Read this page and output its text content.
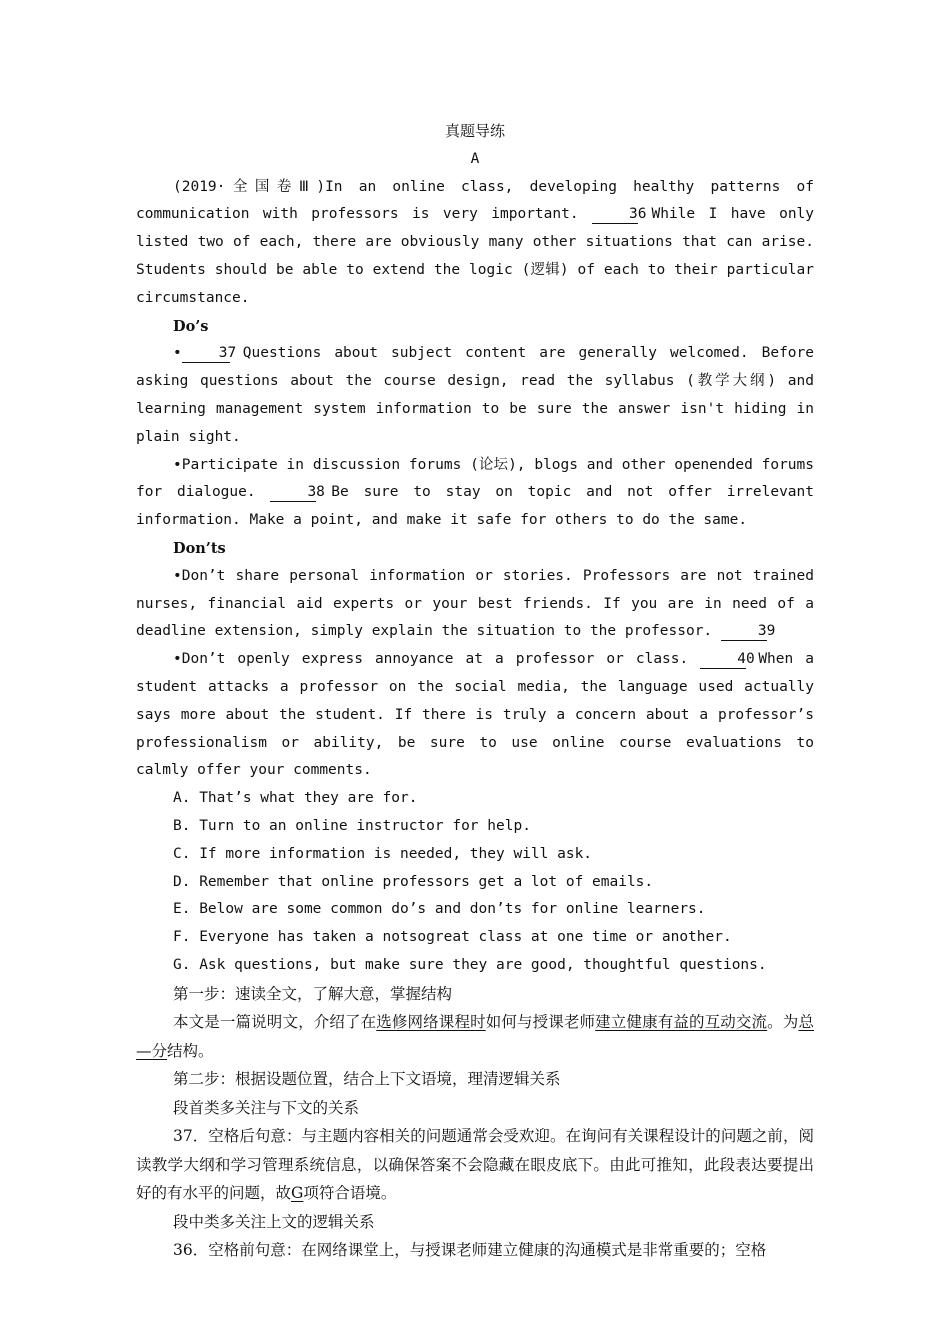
真题导练

A

(2019·全国卷Ⅲ)In an online class, developing healthy patterns of communication with professors is very important.	36 While I have only listed two of each, there are obviously many other situations that can arise. Students should be able to extend the logic (逻辑) of each to their particular circumstance.

Do’s

•	37 Questions about subject content are generally welcomed. Before asking questions about the course design, read the syllabus (教学大纲) and learning management system information to be sure the answer isn't hiding in plain sight.

•Participate in discussion forums (论坛), blogs and other openended forums for dialogue.	38 Be sure to stay on topic and not offer irrelevant information. Make a point, and make it safe for others to do the same.

Don’ts

•Don’t share personal information or stories. Professors are not trained nurses, financial aid experts or your best friends. If you are in need of a deadline extension, simply explain the situation to the professor.	39

•Don’t openly express annoyance at a professor or class.	40 When a student attacks a professor on the social media, the language used actually says more about the student. If there is truly a concern about a professor’s professionalism or ability, be sure to use online course evaluations to calmly offer your comments.

A. That’s what they are for.

B. Turn to an online instructor for help.

C. If more information is needed, they will ask.

D. Remember that online professors get a lot of emails.

E. Below are some common do’s and don’ts for online learners.

F. Everyone has taken a notsogreat class at one time or another.

G. Ask questions, but make sure they are good, thoughtful questions.

第一步：速读全文，了解大意，掌握结构

本文是一篇说明文，介绍了在选修网络课程时如何与授课老师建立健康有益的互动交流。为总—分结构。

第二步：根据设题位置，结合上下文语境，理清逻辑关系

段首类多关注与下文的关系

37．空格后句意：与主题内容相关的问题通常会受欢迎。在询问有关课程设计的问题之前，阅读教学大纲和学习管理系统信息，以确保答案不会隐藏在眼皮底下。由此可推知，此段表达要提出好的有水平的问题，故G项符合语境。

段中类多关注上文的逻辑关系

36．空格前句意：在网络课堂上，与授课老师建立健康的沟通模式是非常重要的；空格
